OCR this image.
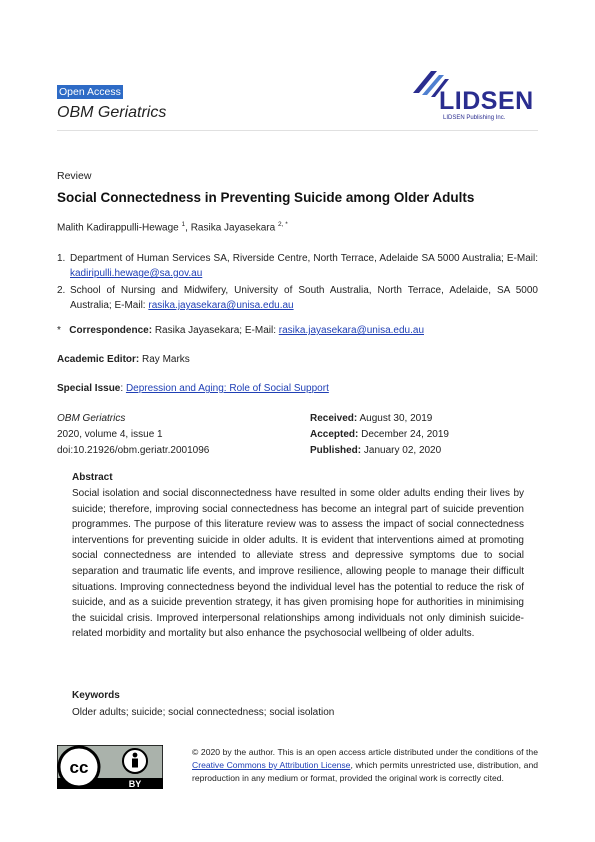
Open Access
OBM Geriatrics	LIDSEN
LIDSEN Publishing Inc.
Review
Social Connectedness in Preventing Suicide among Older Adults
Malith Kadirappulli-Hewage $^1$, Rasika Jayasekara $^{2, *}$
1. Department of Human Services SA, Riverside Centre, North Terrace, Adelaide SA 5000 Australia; E-Mail: kadiripulli.hewage@sa.gov.au
2. School of Nursing and Midwifery, University of South Australia, North Terrace, Adelaide, SA 5000 Australia; E-Mail: rasika.jayasekara@unisa.edu.au
* Correspondence: Rasika Jayasekara; E-Mail: rasika.jayasekara@unisa.edu.au
Academic Editor: Ray Marks
Special Issue: Depression and Aging: Role of Social Support
OBM Geriatrics
2020, volume 4, issue 1
doi:10.21926/obm.geriatr.2001096
Received: August 30, 2019
Accepted: December 24, 2019
Published: January 02, 2020
Abstract
Social isolation and social disconnectedness have resulted in some older adults ending their lives by suicide; therefore, improving social connectedness has become an integral part of suicide prevention programmes. The purpose of this literature review was to assess the impact of social connectedness interventions for preventing suicide in older adults. It is evident that interventions aimed at promoting social connectedness are intended to alleviate stress and depressive symptoms due to social separation and traumatic life events, and improve resilience, allowing people to manage their difficult situations. Improving connectedness beyond the individual level has the potential to reduce the risk of suicide, and as a suicide prevention strategy, it has given promising hope for authorities in minimising the suicidal crisis. Improved interpersonal relationships among individuals not only diminish suicide-related morbidity and mortality but also enhance the psychosocial wellbeing of older adults.
Keywords
Older adults; suicide; social connectedness; social isolation
cc
BY
© 2020 by the author. This is an open access article distributed under the conditions of the Creative Commons by Attribution License, which permits unrestricted use, distribution, and reproduction in any medium or format, provided the original work is correctly cited.
